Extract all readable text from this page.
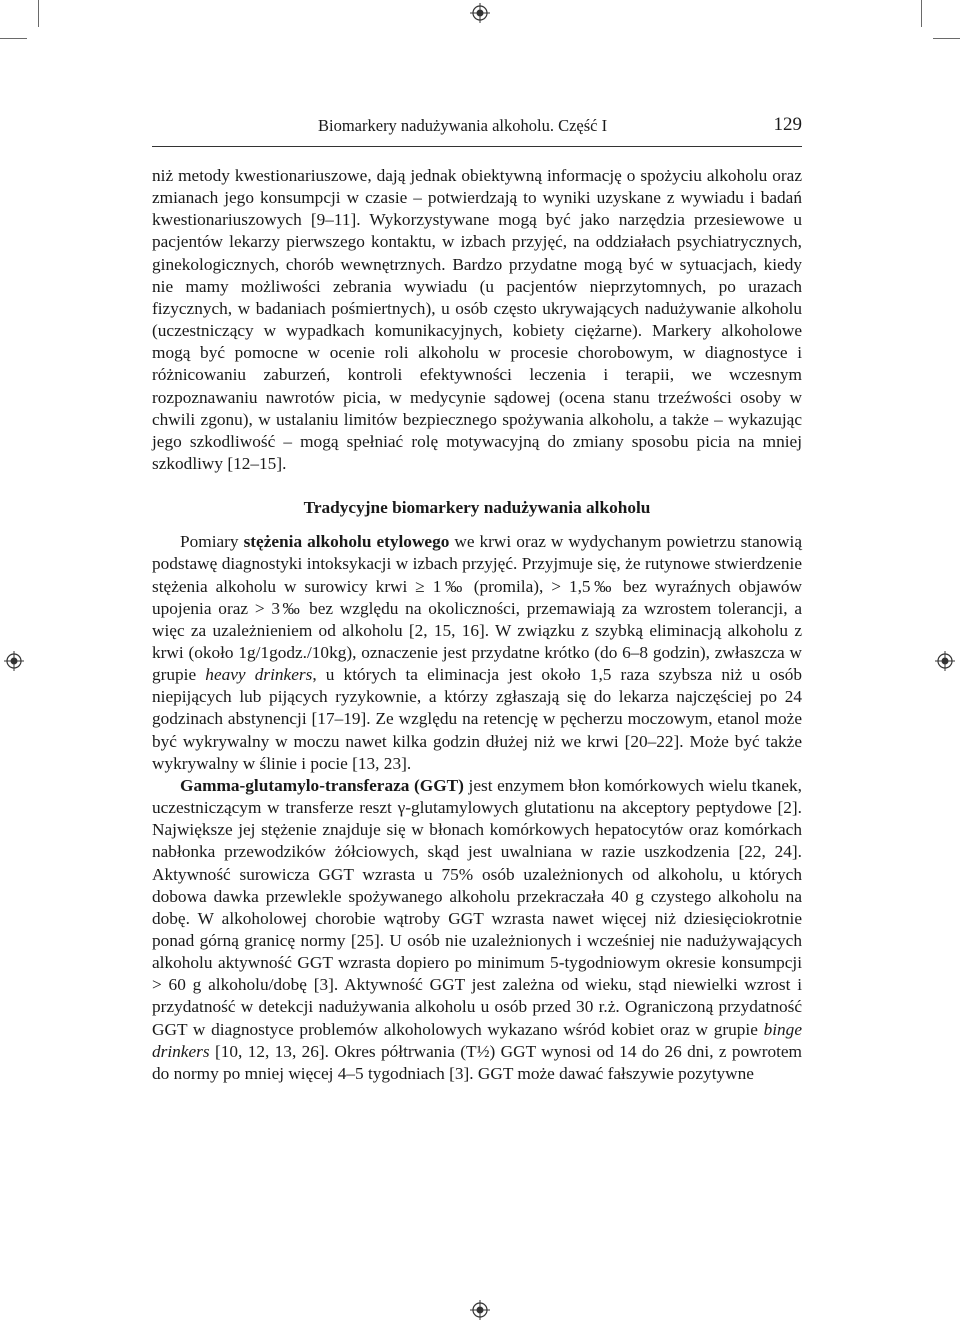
Biomarkery nadużywania alkoholu. Część I	129

niż metody kwestionariuszowe, dają jednak obiektywną informację o spożyciu alkoholu oraz zmianach jego konsumpcji w czasie – potwierdzają to wyniki uzyskane z wywiadu i badań kwestionariuszowych [9–11]. Wykorzystywane mogą być jako narzędzia przesiewowe u pacjentów lekarzy pierwszego kontaktu, w izbach przyjęć, na oddziałach psychiatrycznych, ginekologicznych, chorób wewnętrznych. Bardzo przydatne mogą być w sytuacjach, kiedy nie mamy możliwości zebrania wywiadu (u pacjentów nieprzytomnych, po urazach fizycznych, w badaniach pośmiertnych), u osób często ukrywających nadużywanie alkoholu (uczestniczący w wypadkach komunikacyjnych, kobiety ciężarne). Markery alkoholowe mogą być pomocne w ocenie roli alkoholu w procesie chorobowym, w diagnostyce i różnicowaniu zaburzeń, kontroli efektywności leczenia i terapii, we wczesnym rozpoznawaniu nawrotów picia, w medycynie sądowej (ocena stanu trzeźwości osoby w chwili zgonu), w ustalaniu limitów bezpiecznego spożywania alkoholu, a także – wykazując jego szkodliwość – mogą spełniać rolę motywacyjną do zmiany sposobu picia na mniej szkodliwy [12–15].

Tradycyjne biomarkery nadużywania alkoholu

Pomiary stężenia alkoholu etylowego we krwi oraz w wydychanym powietrzu stanowią podstawę diagnostyki intoksykacji w izbach przyjęć. Przyjmuje się, że rutynowe stwierdzenie stężenia alkoholu w surowicy krwi ≥ 1‰ (promila), > 1,5‰ bez wyraźnych objawów upojenia oraz > 3‰ bez względu na okoliczności, przemawiają za wzrostem tolerancji, a więc za uzależnieniem od alkoholu [2, 15, 16]. W związku z szybką eliminacją alkoholu z krwi (około 1g/1godz./10kg), oznaczenie jest przydatne krótko (do 6–8 godzin), zwłaszcza w grupie heavy drinkers, u których ta eliminacja jest około 1,5 raza szybsza niż u osób niepijących lub pijących ryzykownie, a którzy zgłaszają się do lekarza najczęściej po 24 godzinach abstynencji [17–19]. Ze względu na retencję w pęcherzu moczowym, etanol może być wykrywalny w moczu nawet kilka godzin dłużej niż we krwi [20–22]. Może być także wykrywalny w ślinie i pocie [13, 23].

Gamma-glutamylo-transferaza (GGT) jest enzymem błon komórkowych wielu tkanek, uczestniczącym w transferze reszt γ-glutamylowych glutationu na akceptory peptydowe [2]. Największe jej stężenie znajduje się w błonach komórkowych hepatocytów oraz komórkach nabłonka przewodzików żółciowych, skąd jest uwalniana w razie uszkodzenia [22, 24]. Aktywność surowicza GGT wzrasta u 75% osób uzależnionych od alkoholu, u których dobowa dawka przewlekle spożywanego alkoholu przekraczała 40 g czystego alkoholu na dobę. W alkoholowej chorobie wątroby GGT wzrasta nawet więcej niż dziesięciokrotnie ponad górną granicę normy [25]. U osób nie uzależnionych i wcześniej nie nadużywających alkoholu aktywność GGT wzrasta dopiero po minimum 5-tygodniowym okresie konsumpcji > 60 g alkoholu/dobę [3]. Aktywność GGT jest zależna od wieku, stąd niewielki wzrost i przydatność w detekcji nadużywania alkoholu u osób przed 30 r.ż. Ograniczoną przydatność GGT w diagnostyce problemów alkoholowych wykazano wśród kobiet oraz w grupie binge drinkers [10, 12, 13, 26]. Okres półtrwania (T½) GGT wynosi od 14 do 26 dni, z powrotem do normy po mniej więcej 4–5 tygodniach [3]. GGT może dawać fałszywie pozytywne
